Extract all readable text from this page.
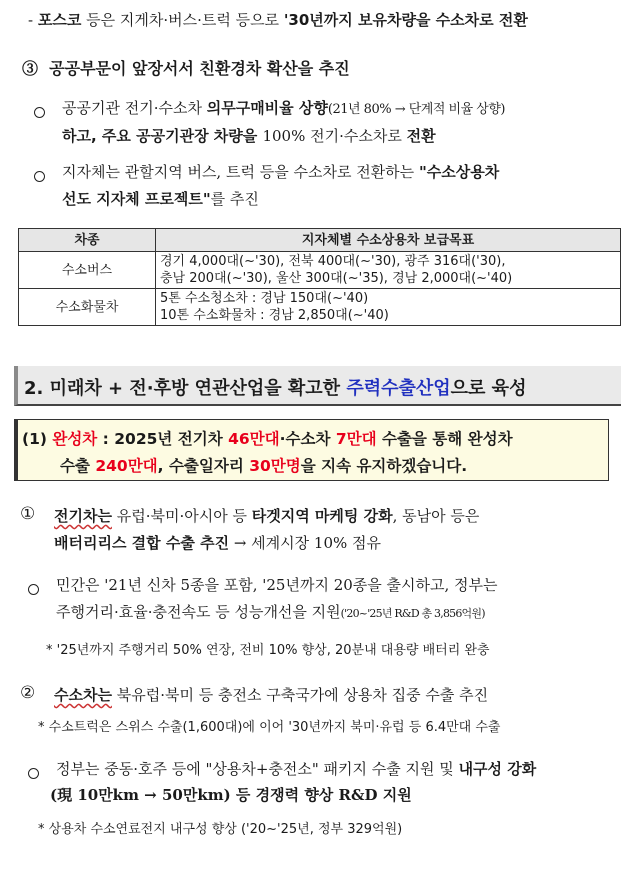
- 포스코 등은 지게차·버스·트럭 등으로 '30년까지 보유차량을 수소차로 전환
③ 공공부문이 앞장서서 친환경차 확산을 추진
공공기관 전기·수소차 의무구매비율 상향(21년 80% → 단계적 비율 상향)
하고, 주요 공공기관장 차량을 100% 전기·수소차로 전환
지자체는 관할지역 버스, 트럭 등을 수소차로 전환하는 "수소상용차
선도 지자체 프로젝트"를 추진
차종	지자체별 수소상용차 보급목표
수소버스	경기 4,000대(~'30), 전북 400대(~'30), 광주 316대('30),
충남 200대(~'30), 울산 300대(~'35), 경남 2,000대(~'40)

수소화물차	5톤 수소청소차 : 경남 150대(~'40)
10톤 수소화물차 : 경남 2,850대(~'40)
2. 미래차 + 전·후방 연관산업을 확고한 주력수출산업으로 육성
(1) 완성차 : 2025년 전기차 46만대·수소차 7만대 수출을 통해 완성차
수출 240만대, 수출일자리 30만명을 지속 유지하겠습니다.
① 전기차는 유럽·북미·아시아 등 타겟지역 마케팅 강화, 동남아 등은
배터리리스 결합 수출 추진 → 세계시장 10% 점유
민간은 '21년 신차 5종을 포함, '25년까지 20종을 출시하고, 정부는
주행거리·효율·충전속도 등 성능개선을 지원('20~'25년 R&D 총 3,856억원)
* '25년까지 주행거리 50% 연장, 전비 10% 향상, 20분내 대용량 배터리 완충
② 수소차는 북유럽·북미 등 충전소 구축국가에 상용차 집중 수출 추진
* 수소트럭은 스위스 수출(1,600대)에 이어 '30년까지 북미·유럽 등 6.4만대 수출
정부는 중동·호주 등에 "상용차+충전소" 패키지 수출 지원 및 내구성 강화
(現 10만km → 50만km) 등 경쟁력 향상 R&D 지원
* 상용차 수소연료전지 내구성 향상 ('20~'25년, 정부 329억원)
